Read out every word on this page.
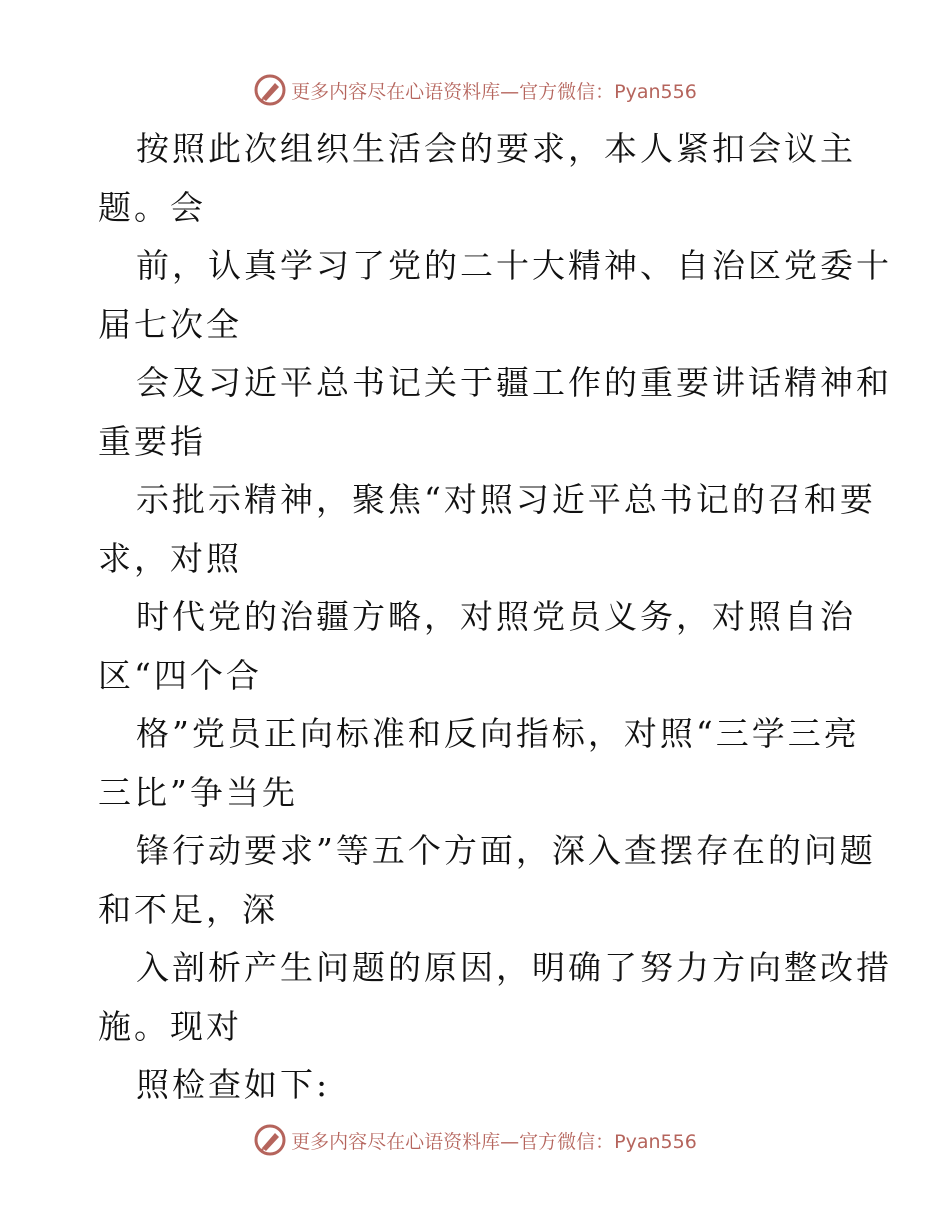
更多内容尽在心语资料库—官方微信：Pyan556
按照此次组织生活会的要求，本人紧扣会议主
题。会
前，认真学习了党的二十大精神、自治区党委十
届七次全
会及习近平总书记关于疆工作的重要讲话精神和
重要指
示批示精神，聚焦“对照习近平总书记的召和要
求，对照
时代党的治疆方略，对照党员义务，对照自治
区“四个合
格”党员正向标准和反向指标，对照“三学三亮
三比”争当先
锋行动要求”等五个方面，深入查摆存在的问题
和不足，深
入剖析产生问题的原因，明确了努力方向整改措
施。现对
照检查如下:
更多内容尽在心语资料库—官方微信：Pyan556
